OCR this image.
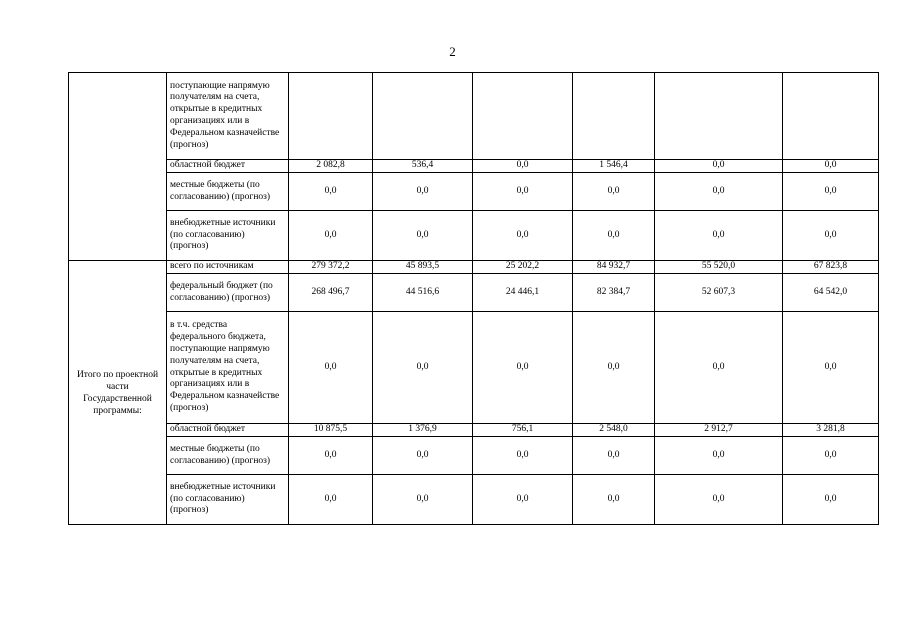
2
	поступающие напрямую получателям на счета, открытые в кредитных организациях или в Федеральном казначействе (прогноз)						
	областной бюджет	2 082,8	536,4	0,0	1 546,4	0,0	0,0
	местные бюджеты (по согласованию) (прогноз)	0,0	0,0	0,0	0,0	0,0	0,0
	внебюджетные источники (по согласованию) (прогноз)	0,0	0,0	0,0	0,0	0,0	0,0
Итого по проектной части Государственной программы:	всего по источникам	279 372,2	45 893,5	25 202,2	84 932,7	55 520,0	67 823,8
	федеральный бюджет (по согласованию) (прогноз)	268 496,7	44 516,6	24 446,1	82 384,7	52 607,3	64 542,0
	в т.ч. средства федерального бюджета, поступающие напрямую получателям на счета, открытые в кредитных организациях или в Федеральном казначействе (прогноз)	0,0	0,0	0,0	0,0	0,0	0,0
	областной бюджет	10 875,5	1 376,9	756,1	2 548,0	2 912,7	3 281,8
	местные бюджеты (по согласованию) (прогноз)	0,0	0,0	0,0	0,0	0,0	0,0
	внебюджетные источники (по согласованию) (прогноз)	0,0	0,0	0,0	0,0	0,0	0,0
